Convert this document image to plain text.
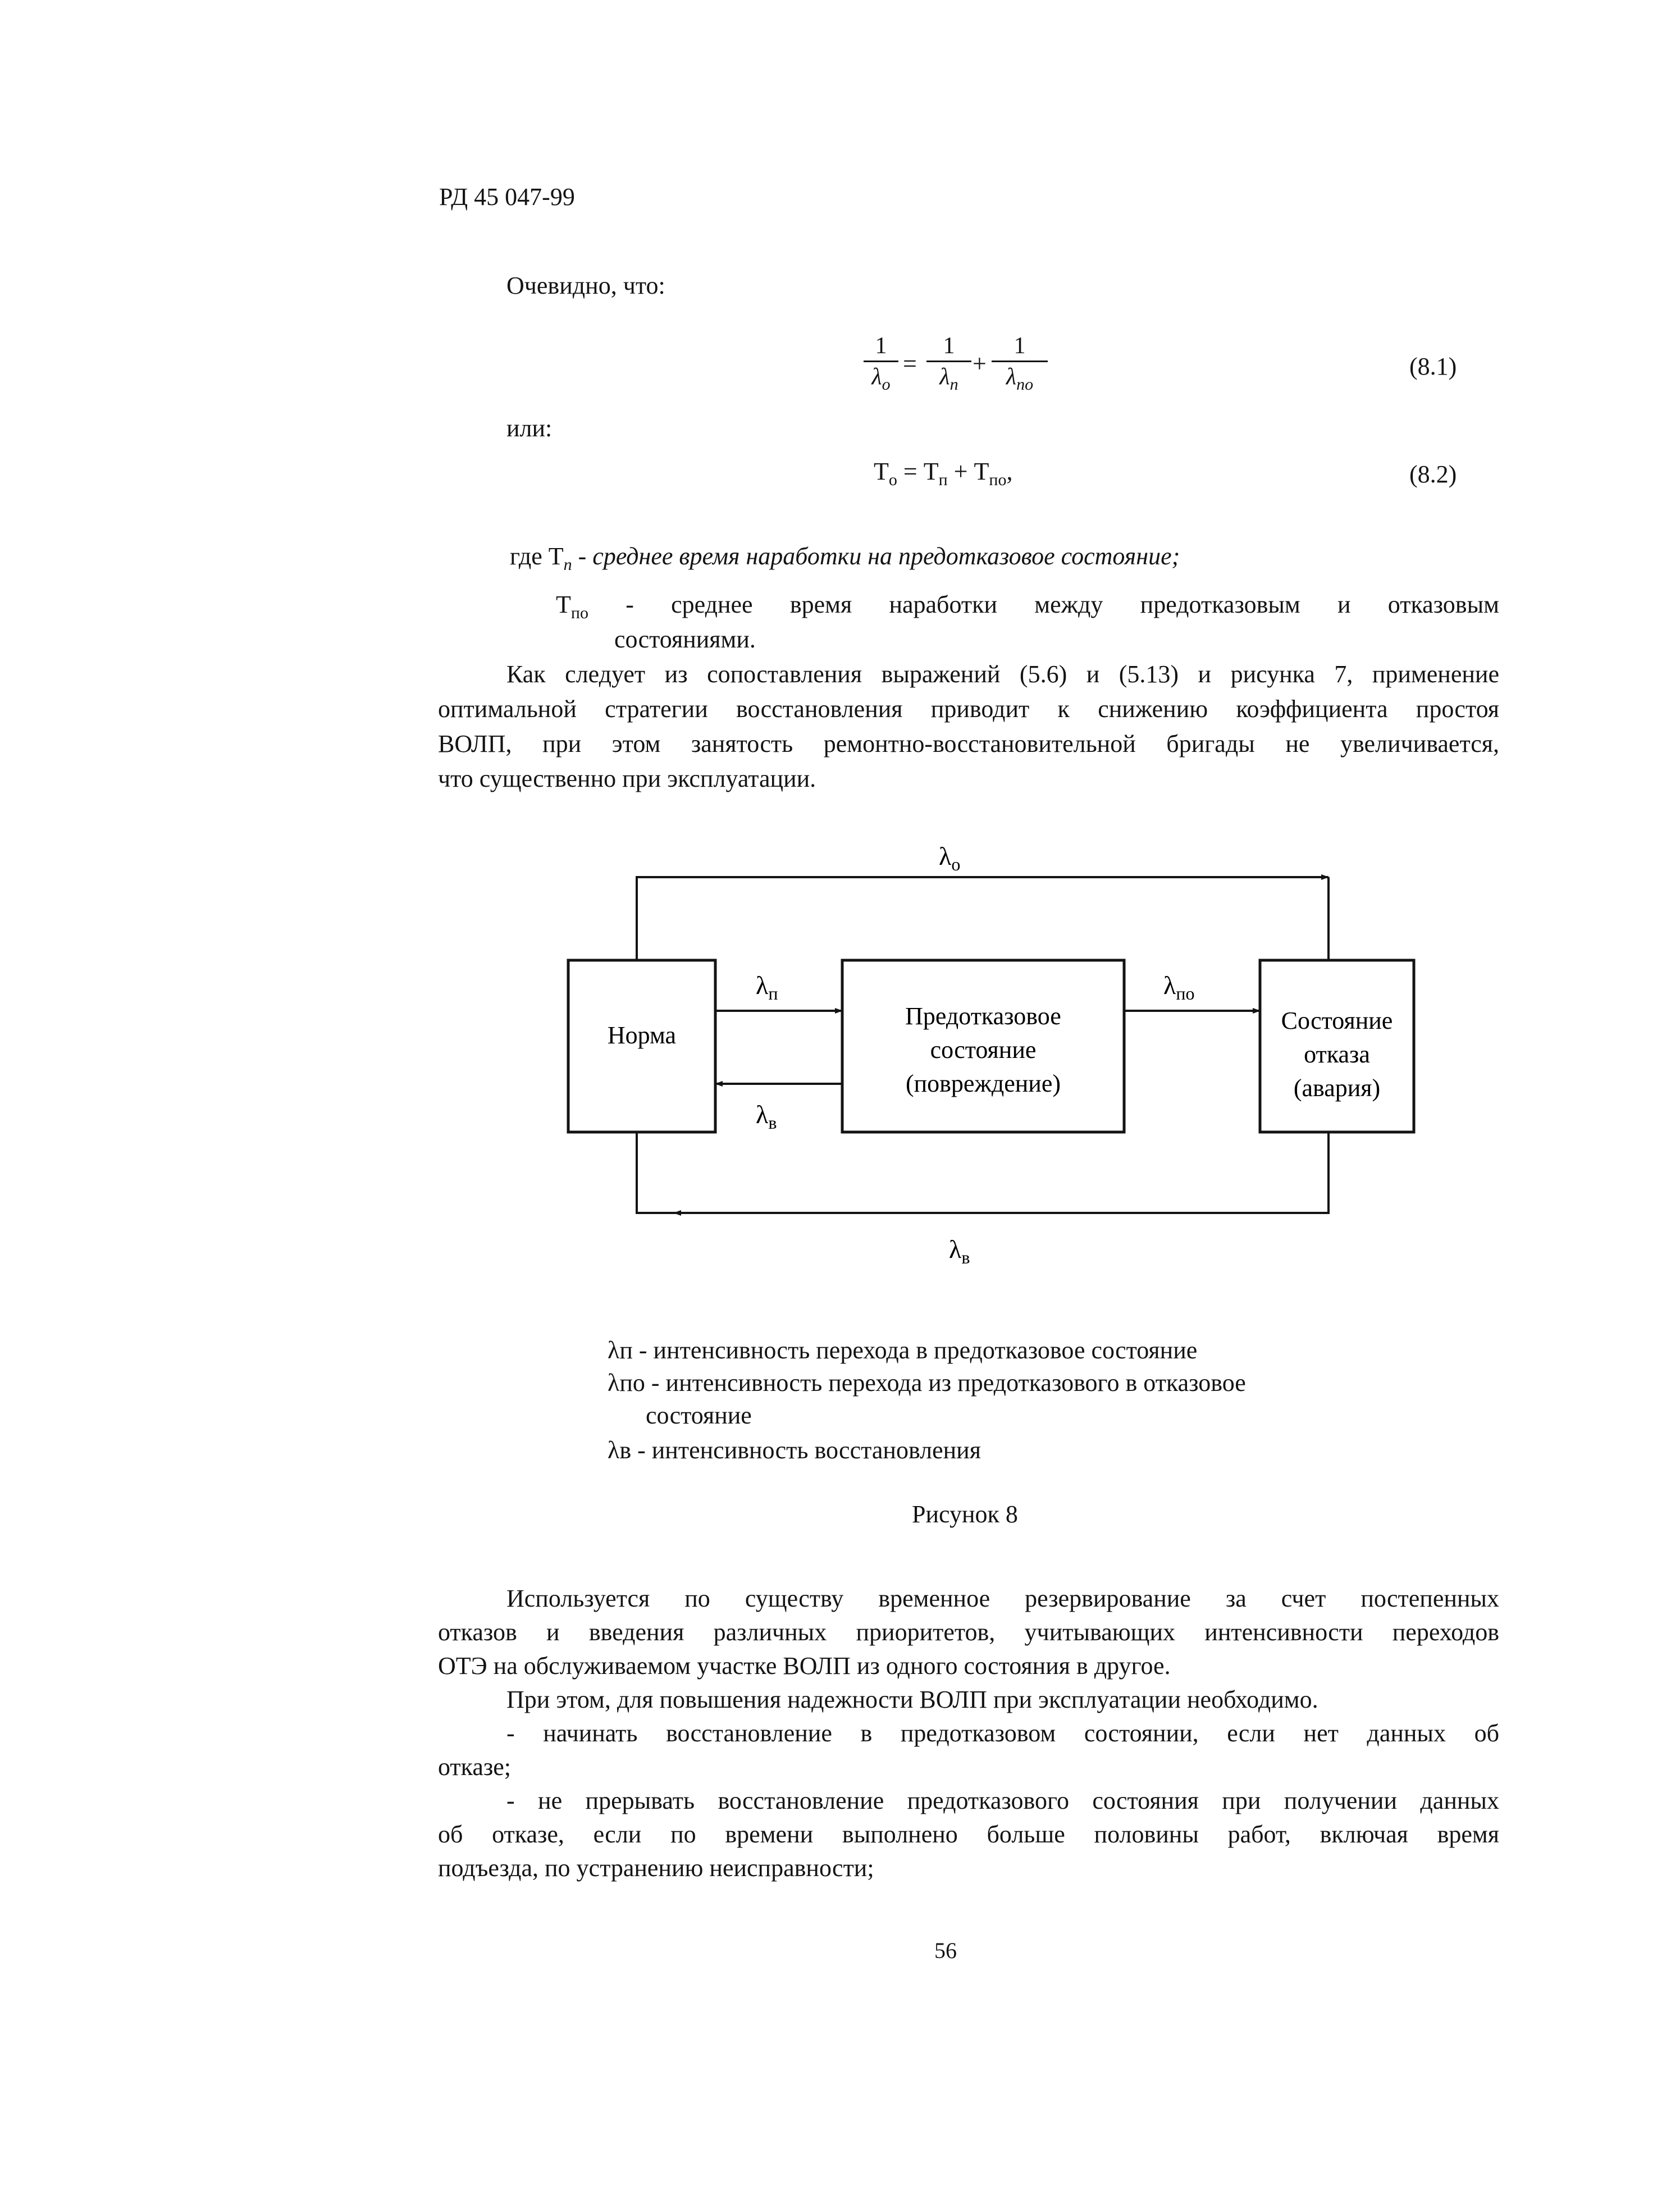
РД 45 047-99
Очевидно, что:
1
$\lambda_о$
=
1
$\lambda_п$
+
1
$\lambda_{по}$
(8.1)
или:
$Т_о = Т_п + Т_{по}$,	(8.2)
где $Т_п$ - среднее время наработки на предотказовое состояние;
$Т_{по}$ - среднее время наработки между предотказовым и отказовым
состояниями.
Как следует из сопоставления выражений (5.6) и (5.13) и рисунка 7, применение
оптимальной стратегии восстановления приводит к снижению коэффициента простоя
ВОЛП, при этом занятость ремонтно-восстановительной бригады не увеличивается,
что существенно при эксплуатации.
Норма
Предотказовое
состояние
(повреждение)
Состояние
отказа
(авария)
$\lambda_о$
$\lambda_п$
$\lambda_в$
$\lambda_{по}$
$\lambda_в$
λп - интенсивность перехода в предотказовое состояние
λпо - интенсивность перехода из предотказового в отказовое
состояние
λв - интенсивность восстановления
Рисунок 8
Используется по существу временное резервирование за счет постепенных
отказов и введения различных приоритетов, учитывающих интенсивности переходов
ОТЭ на обслуживаемом участке ВОЛП из одного состояния в другое.
При этом, для повышения надежности ВОЛП при эксплуатации необходимо.
- начинать восстановление в предотказовом состоянии, если нет данных об
отказе;
- не прерывать восстановление предотказового состояния при получении данных
об отказе, если по времени выполнено больше половины работ, включая время
подъезда, по устранению неисправности;
56
